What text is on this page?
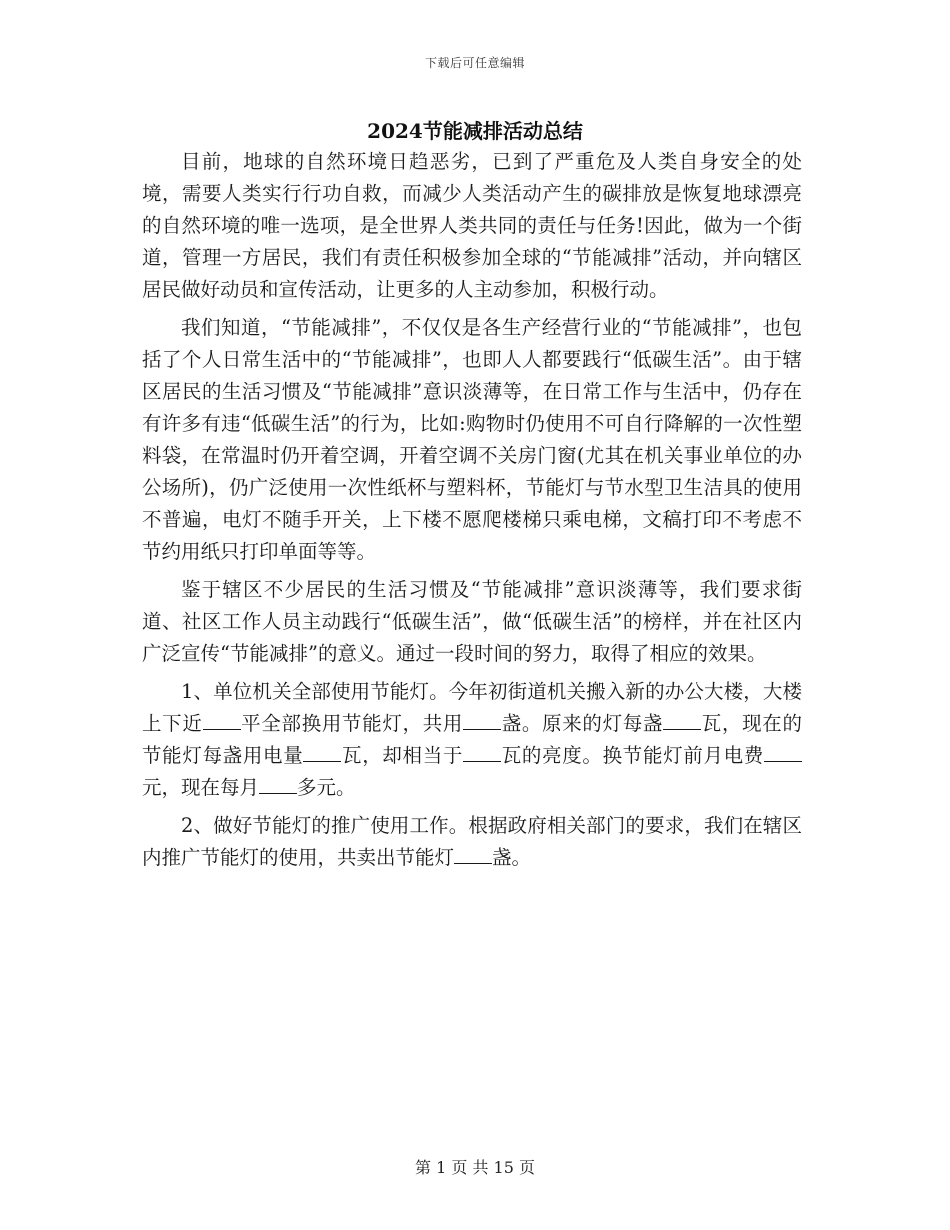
下载后可任意编辑
2024节能减排活动总结

目前，地球的自然环境日趋恶劣，已到了严重危及人类自身安全的处境，需要人类实行行功自救，而减少人类活动产生的碳排放是恢复地球漂亮的自然环境的唯一选项，是全世界人类共同的责任与任务!因此，做为一个街道，管理一方居民，我们有责任积极参加全球的“节能减排”活动，并向辖区居民做好动员和宣传活动，让更多的人主动参加，积极行动。

我们知道，“节能减排”，不仅仅是各生产经营行业的“节能减排”，也包括了个人日常生活中的“节能减排”，也即人人都要践行“低碳生活”。由于辖区居民的生活习惯及“节能减排”意识淡薄等，在日常工作与生活中，仍存在有许多有违“低碳生活”的行为，比如:购物时仍使用不可自行降解的一次性塑料袋，在常温时仍开着空调，开着空调不关房门窗(尤其在机关事业单位的办公场所)，仍广泛使用一次性纸杯与塑料杯，节能灯与节水型卫生洁具的使用不普遍，电灯不随手开关，上下楼不愿爬楼梯只乘电梯，文稿打印不考虑不节约用纸只打印单面等等。

鉴于辖区不少居民的生活习惯及“节能减排”意识淡薄等，我们要求街道、社区工作人员主动践行“低碳生活”，做“低碳生活”的榜样，并在社区内广泛宣传“节能减排”的意义。通过一段时间的努力，取得了相应的效果。

1、单位机关全部使用节能灯。今年初街道机关搬入新的办公大楼，大楼上下近 平全部换用节能灯，共用 盏。原来的灯每盏 瓦，现在的节能灯每盏用电量 瓦，却相当于 瓦的亮度。换节能灯前月电费元，现在每月 多元。

2、做好节能灯的推广使用工作。根据政府相关部门的要求，我们在辖区内推广节能灯的使用，共卖出节能灯 盏。

第 1 页 共 15 页
